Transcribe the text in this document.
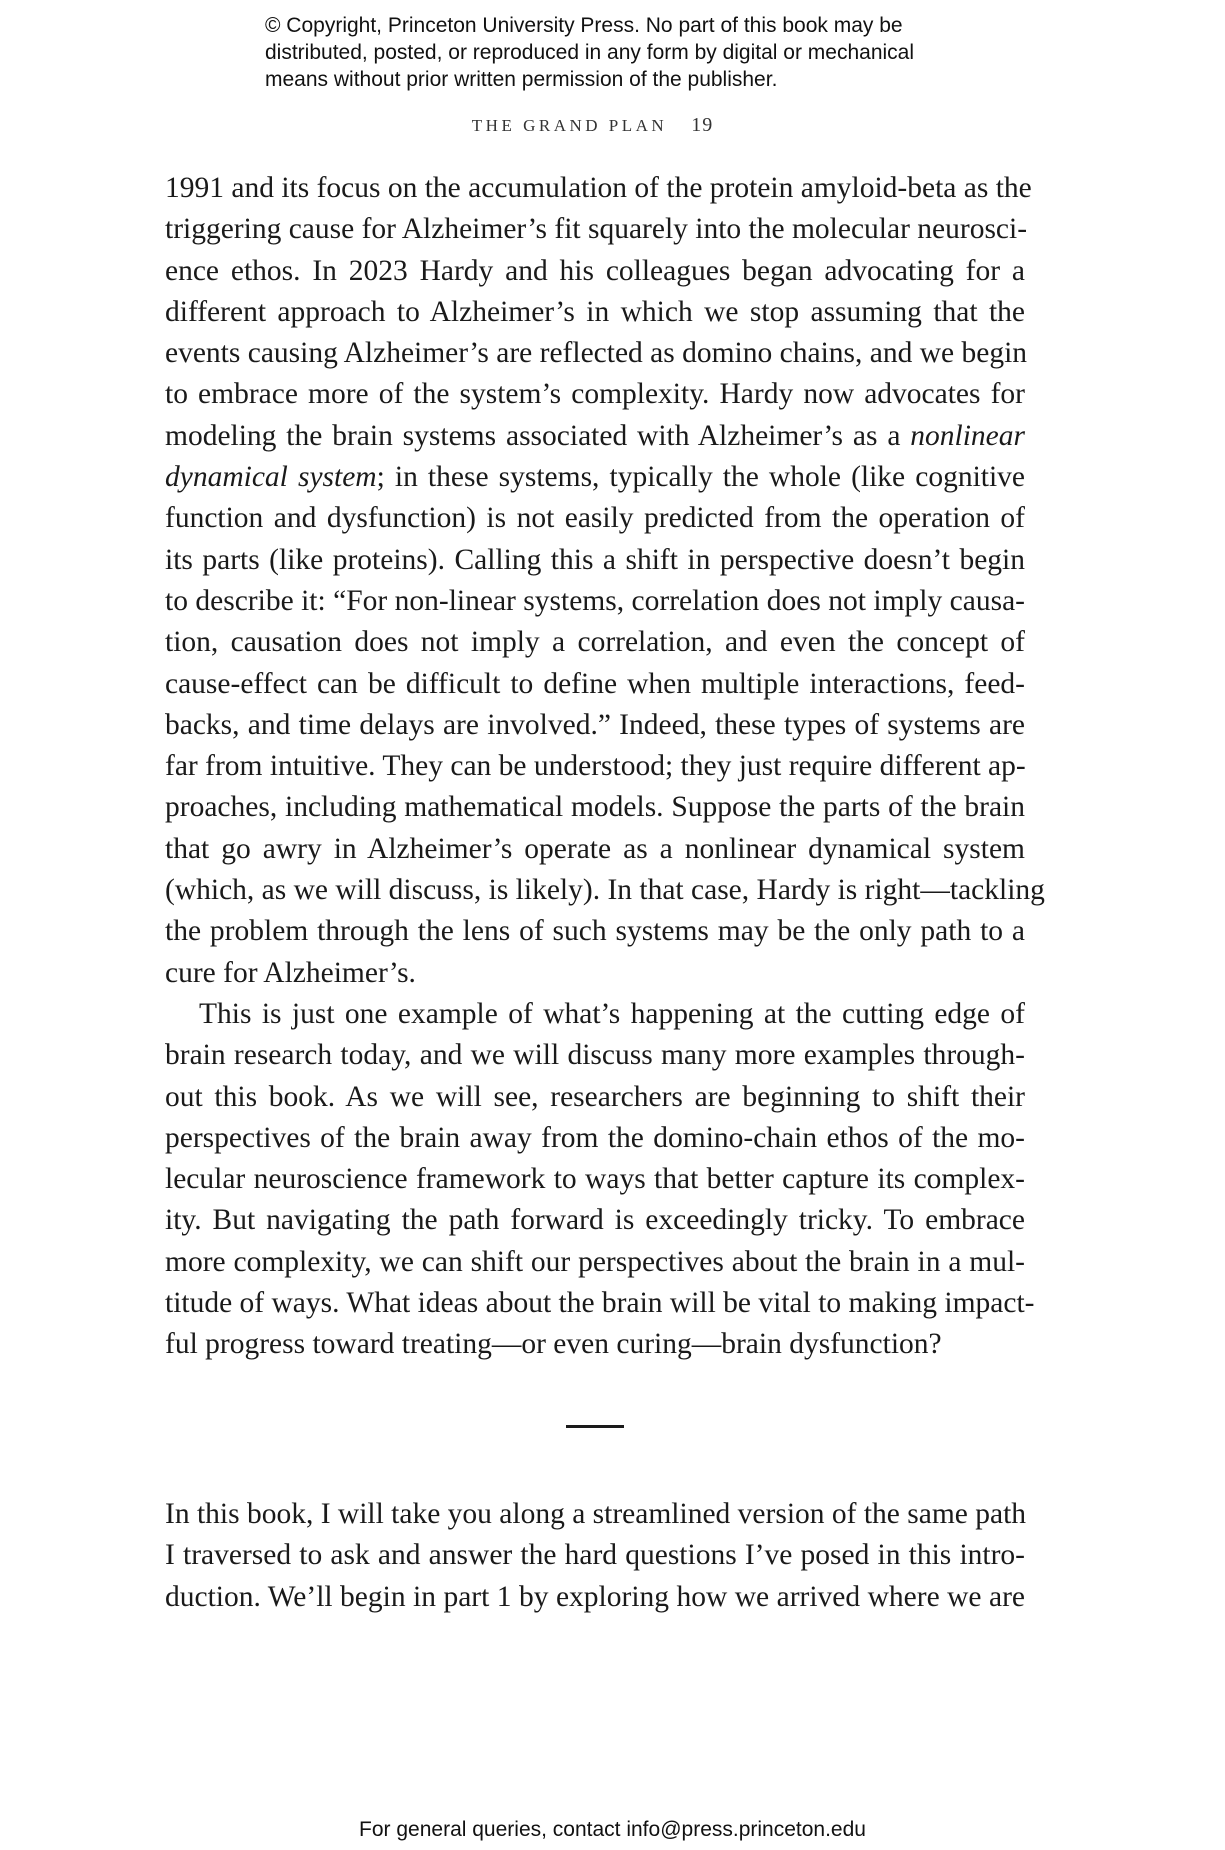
© Copyright, Princeton University Press. No part of this book may be
distributed, posted, or reproduced in any form by digital or mechanical
means without prior written permission of the publisher.
THE GRAND PLAN 19
1991 and its focus on the accumulation of the protein amyloid-beta as the
triggering cause for Alzheimer’s fit squarely into the molecular neurosci-
ence ethos. In 2023 Hardy and his colleagues began advocating for a
different approach to Alzheimer’s in which we stop assuming that the
events causing Alzheimer’s are reflected as domino chains, and we begin
to embrace more of the system’s complexity. Hardy now advocates for
modeling the brain systems associated with Alzheimer’s as a nonlinear
dynamical system; in these systems, typically the whole (like cognitive
function and dysfunction) is not easily predicted from the operation of
its parts (like proteins). Calling this a shift in perspective doesn’t begin
to describe it: “For non-linear systems, correlation does not imply causa-
tion, causation does not imply a correlation, and even the concept of
cause-effect can be difficult to define when multiple interactions, feed-
backs, and time delays are involved.” Indeed, these types of systems are
far from intuitive. They can be understood; they just require different ap-
proaches, including mathematical models. Suppose the parts of the brain
that go awry in Alzheimer’s operate as a nonlinear dynamical system
(which, as we will discuss, is likely). In that case, Hardy is right—tackling
the problem through the lens of such systems may be the only path to a
cure for Alzheimer’s.
This is just one example of what’s happening at the cutting edge of
brain research today, and we will discuss many more examples through-
out this book. As we will see, researchers are beginning to shift their
perspectives of the brain away from the domino-chain ethos of the mo-
lecular neuroscience framework to ways that better capture its complex-
ity. But navigating the path forward is exceedingly tricky. To embrace
more complexity, we can shift our perspectives about the brain in a mul-
titude of ways. What ideas about the brain will be vital to making impact-
ful progress toward treating—or even curing—brain dysfunction?
In this book, I will take you along a streamlined version of the same path
I traversed to ask and answer the hard questions I’ve posed in this intro-
duction. We’ll begin in part 1 by exploring how we arrived where we are
For general queries, contact info@press.princeton.edu
